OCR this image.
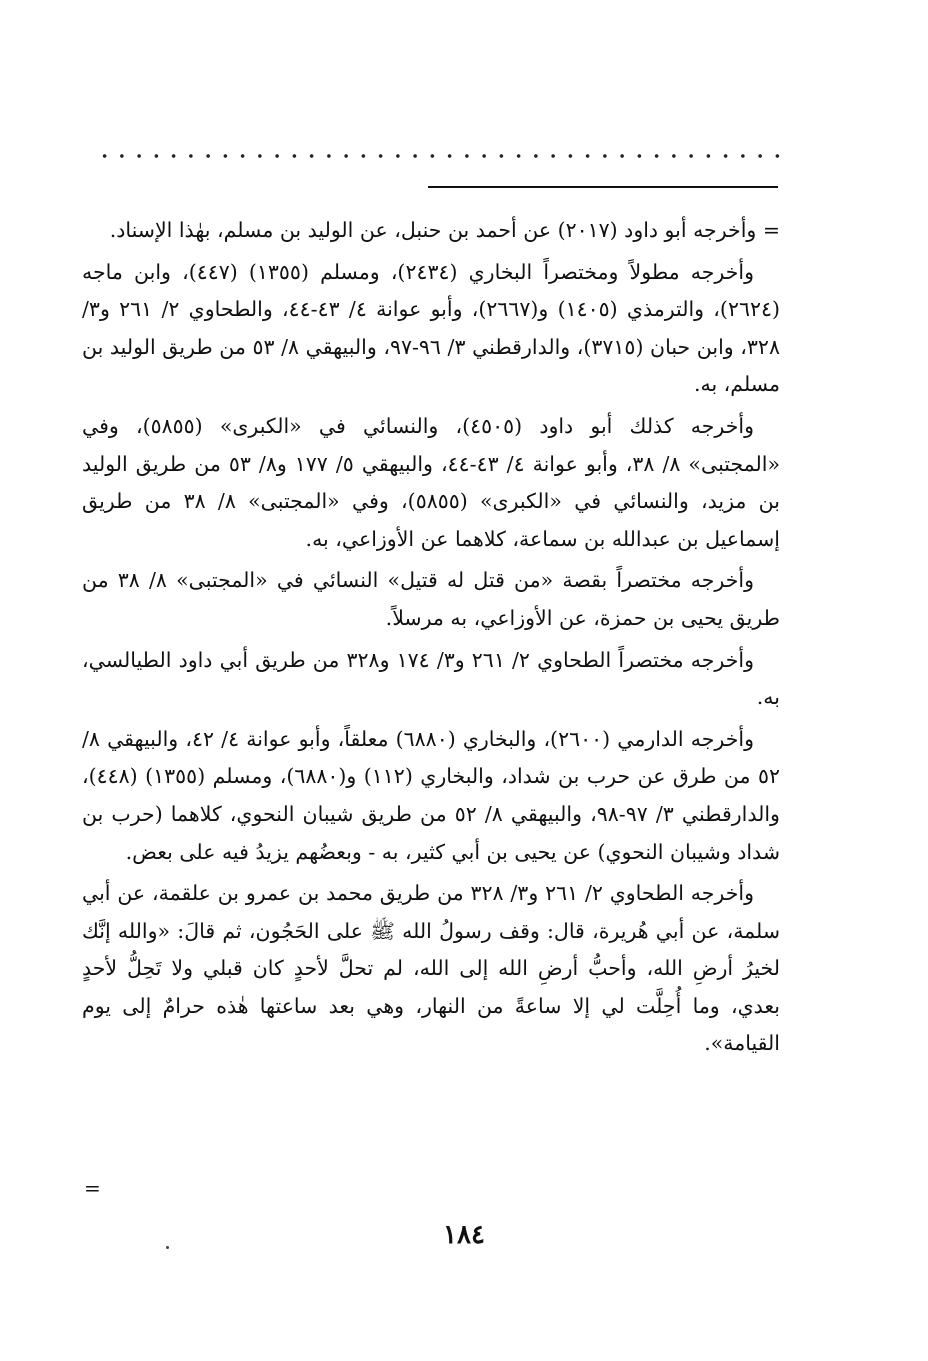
= وأخرجه أبو داود (٢٠١٧) عن أحمد بن حنبل، عن الوليد بن مسلم، بهٰذا الإسناد.

وأخرجه مطولاً ومختصراً البخاري (٢٤٣٤)، ومسلم (١٣٥٥) (٤٤٧)، وابن ماجه (٢٦٢٤)، والترمذي (١٤٠٥) و(٢٦٦٧)، وأبو عوانة ٤/ ٤٣-٤٤، والطحاوي ٢/ ٢٦١ و٣/ ٣٢٨، وابن حبان (٣٧١٥)، والدارقطني ٣/ ٩٦-٩٧، والبيهقي ٨/ ٥٣ من طريق الوليد بن مسلم، به.

وأخرجه كذلك أبو داود (٤٥٠٥)، والنسائي في «الكبرى» (٥٨٥٥)، وفي «المجتبى» ٨/ ٣٨، وأبو عوانة ٤/ ٤٣-٤٤، والبيهقي ٥/ ١٧٧ و٨/ ٥٣ من طريق الوليد بن مزيد، والنسائي في «الكبرى» (٥٨٥٥)، وفي «المجتبى» ٨/ ٣٨ من طريق إسماعيل بن عبدالله بن سماعة، كلاهما عن الأوزاعي، به.

وأخرجه مختصراً بقصة «من قتل له قتيل» النسائي في «المجتبى» ٨/ ٣٨ من طريق يحيى بن حمزة، عن الأوزاعي، به مرسلاً.

وأخرجه مختصراً الطحاوي ٢/ ٢٦١ و٣/ ١٧٤ و٣٢٨ من طريق أبي داود الطيالسي، به.

وأخرجه الدارمي (٢٦٠٠)، والبخاري (٦٨٨٠) معلقاً، وأبو عوانة ٤/ ٤٢، والبيهقي ٨/ ٥٢ من طرق عن حرب بن شداد، والبخاري (١١٢) و(٦٨٨٠)، ومسلم (١٣٥٥) (٤٤٨)، والدارقطني ٣/ ٩٧-٩٨، والبيهقي ٨/ ٥٢ من طريق شيبان النحوي، كلاهما (حرب بن شداد وشيبان النحوي) عن يحيى بن أبي كثير، به - وبعضُهم يزيدُ فيه على بعض.

وأخرجه الطحاوي ٢/ ٢٦١ و٣/ ٣٢٨ من طريق محمد بن عمرو بن علقمة، عن أبي سلمة، عن أبي هُريرة، قال: وقف رسولُ الله ﷺ على الحَجُون، ثم قالَ: «والله إنَّك لخيرُ أرضِ الله، وأحبُّ أرضِ الله إلى الله، لم تحلَّ لأحدٍ كان قبلي ولا تَحِلُّ لأحدٍ بعدي، وما أُحِلَّت لي إلا ساعةً من النهار، وهي بعد ساعتها هٰذه حرامٌ إلى يوم القيامة».

=
١٨٤
